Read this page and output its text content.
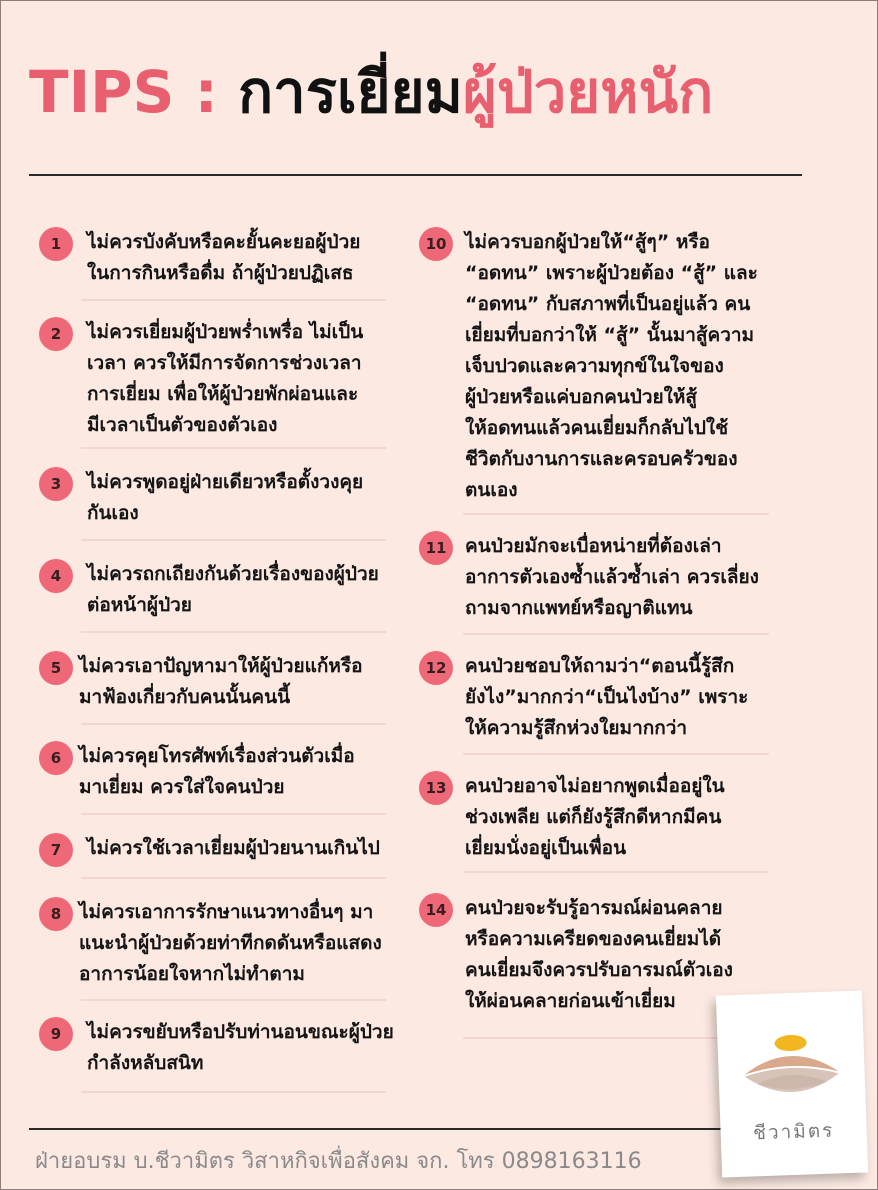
TIPS : การเยี่ยมผู้ป่วยหนัก
1	ไม่ควรบังคับหรือคะยั้นคะยอผู้ป่วย
ในการกินหรือดื่ม ถ้าผู้ป่วยปฏิเสธ
2	ไม่ควรเยี่ยมผู้ป่วยพร่ำเพรื่อ ไม่เป็น
เวลา ควรให้มีการจัดการช่วงเวลา
การเยี่ยม เพื่อให้ผู้ป่วยพักผ่อนและ
มีเวลาเป็นตัวของตัวเอง
3	ไม่ควรพูดอยู่ฝ่ายเดียวหรือตั้งวงคุย
กันเอง
4	ไม่ควรถกเถียงกันด้วยเรื่องของผู้ป่วย
ต่อหน้าผู้ป่วย
5 ไม่ควรเอาปัญหามาให้ผู้ป่วยแก้หรือ
มาฟ้องเกี่ยวกับคนนั้นคนนี้
6 ไม่ควรคุยโทรศัพท์เรื่องส่วนตัวเมื่อ
มาเยี่ยม ควรใส่ใจคนป่วย
7	ไม่ควรใช้เวลาเยี่ยมผู้ป่วยนานเกินไป
8 ไม่ควรเอาการรักษาแนวทางอื่นๆ มา
แนะนำผู้ป่วยด้วยท่าทีกดดันหรือแสดง
อาการน้อยใจหากไม่ทำตาม
9	ไม่ควรขยับหรือปรับท่านอนขณะผู้ป่วย
กำลังหลับสนิท
10 ไม่ควรบอกผู้ป่วยให้“สู้ๆ” หรือ
“อดทน” เพราะผู้ป่วยต้อง “สู้” และ
“อดทน” กับสภาพที่เป็นอยู่แล้ว คน
เยี่ยมที่บอกว่าให้ “สู้” นั้นมาสู้ความ
เจ็บปวดและความทุกข์ในใจของ
ผู้ป่วยหรือแค่บอกคนป่วยให้สู้
ให้อดทนแล้วคนเยี่ยมก็กลับไปใช้
ชีวิตกับงานการและครอบครัวของ
ตนเอง
11 คนป่วยมักจะเบื่อหน่ายที่ต้องเล่า
อาการตัวเองซ้ำแล้วซ้ำเล่า ควรเลี่ยง
ถามจากแพทย์หรือญาติแทน
12 คนป่วยชอบให้ถามว่า“ตอนนี้รู้สึก
ยังไง”มากกว่า“เป็นไงบ้าง” เพราะ
ให้ความรู้สึกห่วงใยมากกว่า
13 คนป่วยอาจไม่อยากพูดเมื่ออยู่ใน
ช่วงเพลีย แต่ก็ยังรู้สึกดีหากมีคน
เยี่ยมนั่งอยู่เป็นเพื่อน
14 คนป่วยจะรับรู้อารมณ์ผ่อนคลาย
หรือความเครียดของคนเยี่ยมได้
คนเยี่ยมจึงควรปรับอารมณ์ตัวเอง
ให้ผ่อนคลายก่อนเข้าเยี่ยม
ฝ่ายอบรม บ.ชีวามิตร วิสาหกิจเพื่อสังคม จก. โทร 0898163116
ชีวามิตร
